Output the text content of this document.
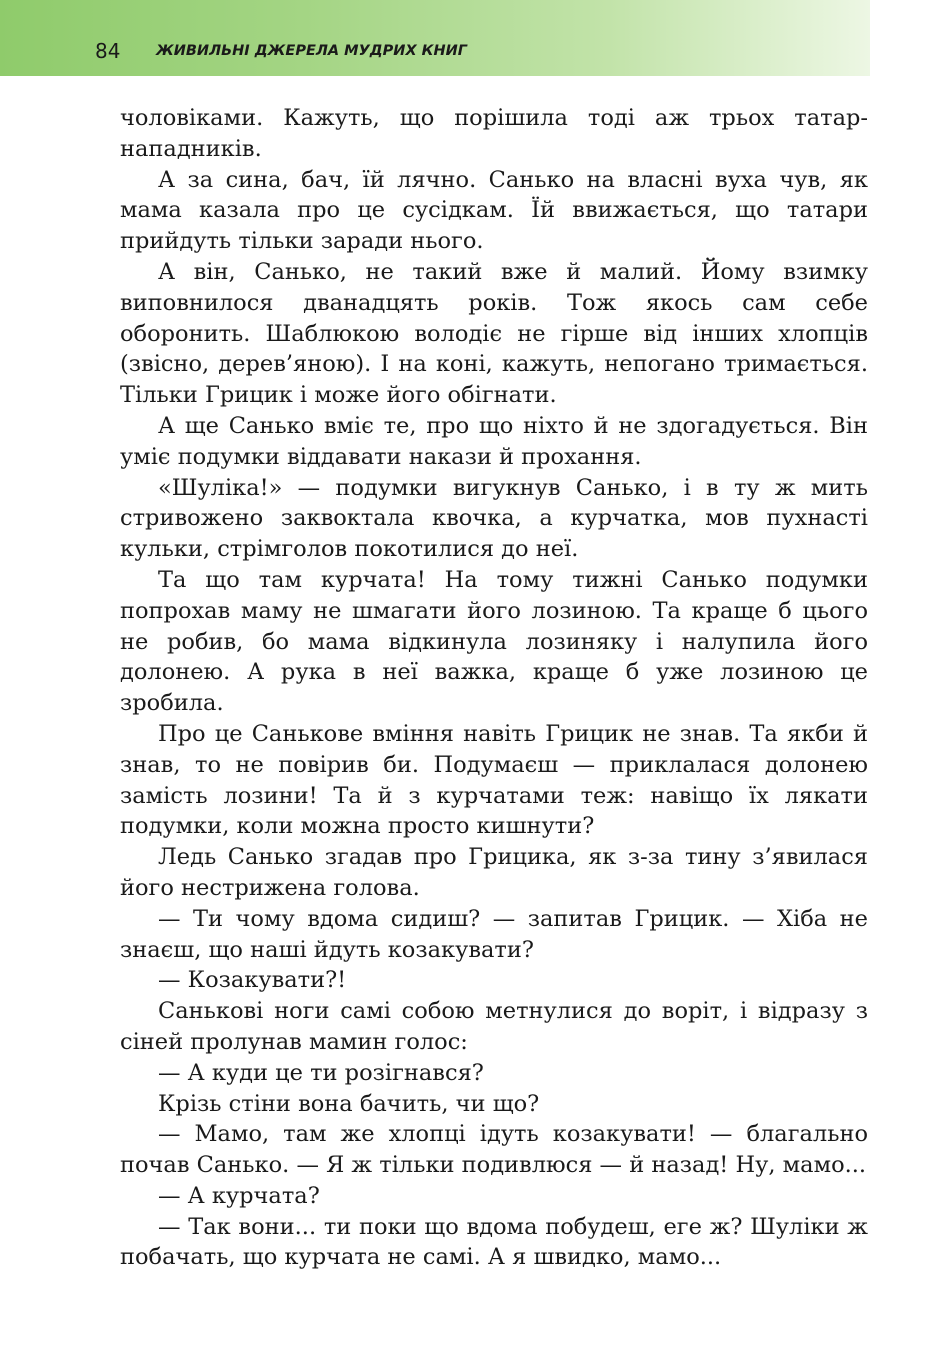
84 ЖИВИЛЬНІ ДЖЕРЕЛА МУДРИХ КНИГ

чоловіками. Кажуть, що порішила тоді аж трьох татар-нападників.

А за сина, бач, їй лячно. Санько на власні вуха чув, як мама казала про це сусідкам. Їй ввижається, що татари прийдуть тільки заради нього.

А він, Санько, не такий вже й малий. Йому взимку виповнилося дванадцять років. Тож якось сам себе оборонить. Шаблюкою володіє не гірше від інших хлопців (звісно, дерев’яною). І на коні, кажуть, непогано тримається. Тільки Грицик і може його обігнати.

А ще Санько вміє те, про що ніхто й не здогадується. Він уміє подумки віддавати накази й прохання.

«Шуліка!» — подумки вигукнув Санько, і в ту ж мить стривожено заквоктала квочка, а курчатка, мов пухнасті кульки, стрімголов покотилися до неї.

Та що там курчата! На тому тижні Санько подумки попрохав маму не шмагати його лозиною. Та краще б цього не робив, бо мама відкинула лозиняку і налупила його долонею. А рука в неї важка, краще б уже лозиною це зробила.

Про це Санькове вміння навіть Грицик не знав. Та якби й знав, то не повірив би. Подумаєш — приклалася долонею замість лозини! Та й з курчатами теж: навіщо їх лякати подумки, коли можна просто кишнути?

Ледь Санько згадав про Грицика, як з-за тину з’явилася його нестрижена голова.

— Ти чому вдома сидиш? — запитав Грицик. — Хіба не знаєш, що наші йдуть козакувати?

— Козакувати?!

Санькові ноги самі собою метнулися до воріт, і відразу з сіней пролунав мамин голос:

— А куди це ти розігнався?

Крізь стіни вона бачить, чи що?

— Мамо, там же хлопці ідуть козакувати! — благально почав Санько. — Я ж тільки подивлюся — й назад! Ну, мамо...

— А курчата?

— Так вони... ти поки що вдома побудеш, еге ж? Шуліки ж побачать, що курчата не самі. А я швидко, мамо...
